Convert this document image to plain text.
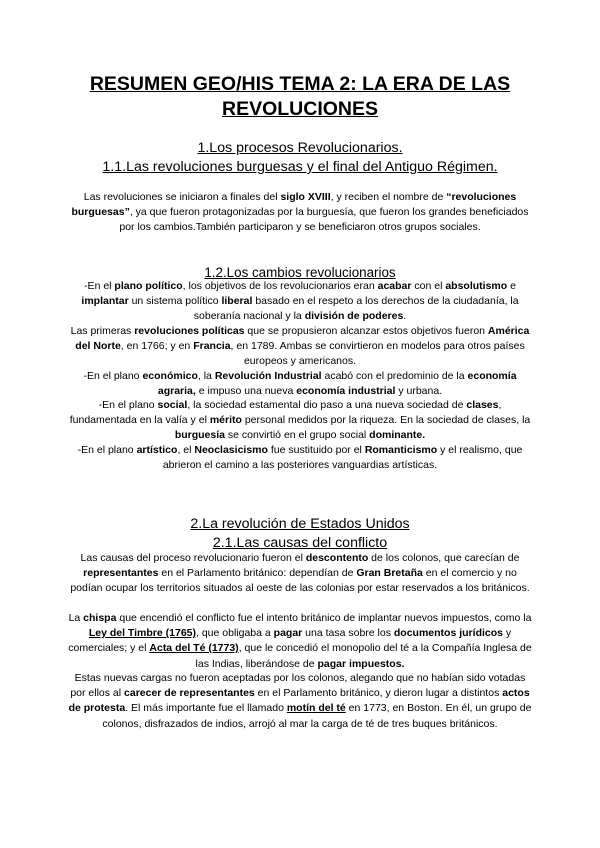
RESUMEN GEO/HIS TEMA 2: LA ERA DE LAS REVOLUCIONES
1.Los procesos Revolucionarios.
1.1.Las revoluciones burguesas y el final del Antiguo Régimen.
Las revoluciones se iniciaron a finales del siglo XVIII, y reciben el nombre de “revoluciones burguesas”, ya que fueron protagonizadas por la burguesía, que fueron los grandes beneficiados por los cambios.También participaron y se beneficiaron otros grupos sociales.
1.2.Los cambios revolucionarios
-En el plano político, los objetivos de los revolucionarios eran acabar con el absolutismo e implantar un sistema político liberal basado en el respeto a los derechos de la ciudadanía, la soberanía nacional y la división de poderes.
Las primeras revoluciones políticas que se propusieron alcanzar estos objetivos fueron América del Norte, en 1766; y en Francia, en 1789. Ambas se convirtieron en modelos para otros países europeos y americanos.
-En el plano económico, la Revolución Industrial acabó con el predominio de la economía agraria, e impuso una nueva economía industrial y urbana.
-En el plano social, la sociedad estamental dio paso a una nueva sociedad de clases, fundamentada en la valía y el mérito personal medidos por la riqueza. En la sociedad de clases, la burguesía se convirtió en el grupo social dominante.
-En el plano artístico, el Neoclasicismo fue sustituido por el Romanticismo y el realismo, que abrieron el camino a las posteriores vanguardias artísticas.
2.La revolución de Estados Unidos
2.1.Las causas del conflicto
Las causas del proceso revolucionario fueron el descontento de los colonos, que carecían de representantes en el Parlamento británico: dependían de Gran Bretaña en el comercio y no podían ocupar los territorios situados al oeste de las colonias por estar reservados a los británicos.
La chispa que encendió el conflicto fue el intento británico de implantar nuevos impuestos, como la Ley del Timbre (1765), que obligaba a pagar una tasa sobre los documentos jurídicos y comerciales; y el Acta del Té (1773), que le concedió el monopolio del té a la Compañía Inglesa de las Indias, liberándose de pagar impuestos.
Estas nuevas cargas no fueron aceptadas por los colonos, alegando que no habían sido votadas por ellos al carecer de representantes en el Parlamento británico, y dieron lugar a distintos actos de protesta. El más importante fue el llamado motín del té en 1773, en Boston. En él, un grupo de colonos, disfrazados de indios, arrojó al mar la carga de té de tres buques británicos.
